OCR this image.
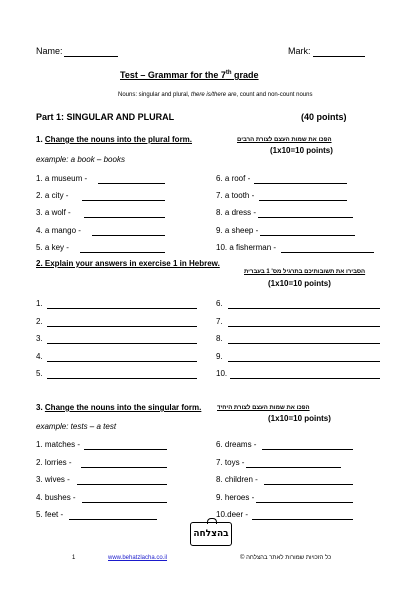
Name:	Mark:
Test – Grammar for the 7th grade
Nouns: singular and plural, there is/there are, count and non-count nouns
Part 1: SINGULAR AND PLURAL	(40 points)
1. Change the nouns into the plural form.	הפכו את שמות העצם לצורת הרבים
(1x10=10 points)
example: a book – books
1. a museum -
2. a city -
3. a wolf -
4. a mango -
5. a key -
6. a roof -
7. a tooth -
8. a dress -
9. a sheep -
10. a fisherman -
2. Explain your answers in exercise 1 in Hebrew.
הסבירו את תשובותיכם בתרגיל מס' 1 בעברית
(1x10=10 points)
1.
2.
3.
4.
5.
6.
7.
8.
9.
10.
3. Change the nouns into the singular form.	הפכו את שמות העצם לצורת היחיד
(1x10=10 points)
example: tests – a test
1. matches -
2. lorries -
3. wives -
4. bushes -
5. feet -
6. dreams -
7. toys -
8. children -
9. heroes -
10.deer -
1	www.behatzlacha.co.il
בהצלחה
כל הזכויות שמורות לאתר בהצלחה ©
